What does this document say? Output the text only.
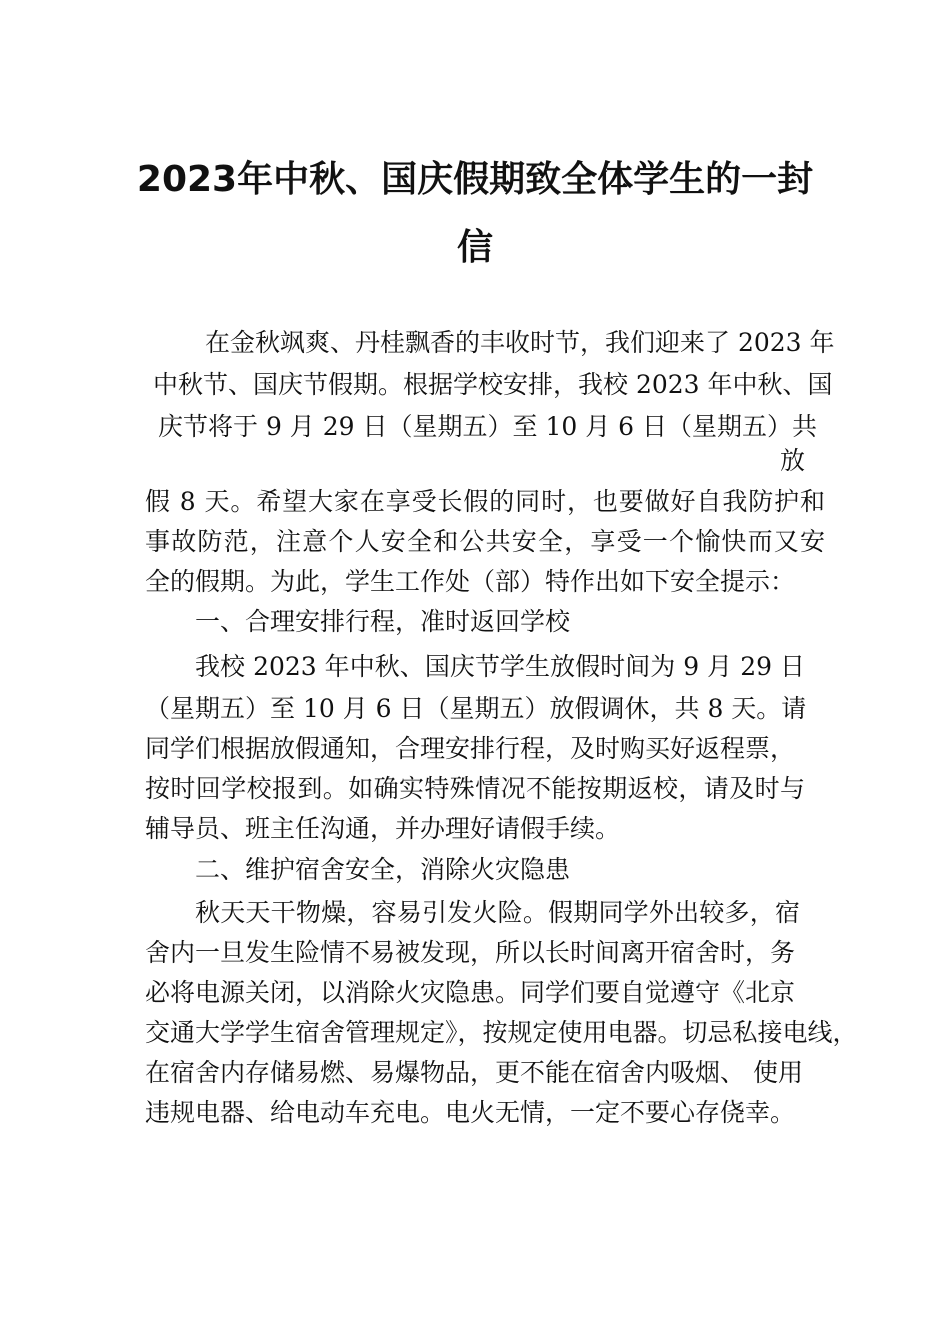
2023年中秋、国庆假期致全体学生的一封
信

在金秋飒爽、丹桂飘香的丰收时节，我们迎来了 2023 年

中秋节、国庆节假期。根据学校安排，我校 2023 年中秋、国

庆节将于 9 月 29 日（星期五）至 10 月 6 日（星期五）共

放

假 8 天。希望大家在享受长假的同时，也要做好自我防护和

事故防范，注意个人安全和公共安全，享受一个愉快而又安

全的假期。为此，学生工作处（部）特作出如下安全提示：

一、合理安排行程，准时返回学校

我校 2023 年中秋、国庆节学生放假时间为 9 月 29 日

（星期五）至 10 月 6 日（星期五）放假调休，共 8 天。请

同学们根据放假通知，合理安排行程，及时购买好返程票，

按时回学校报到。如确实特殊情况不能按期返校，请及时与

辅导员、班主任沟通，并办理好请假手续。

二、维护宿舍安全，消除火灾隐患

秋天天干物燥，容易引发火险。假期同学外出较多，宿

舍内一旦发生险情不易被发现，所以长时间离开宿舍时，务

必将电源关闭，以消除火灾隐患。同学们要自觉遵守《北京

交通大学学生宿舍管理规定》，按规定使用电器。切忌私接电线，

在宿舍内存储易燃、易爆物品，更不能在宿舍内吸烟、 使用

违规电器、给电动车充电。电火无情，一定不要心存侥幸。
